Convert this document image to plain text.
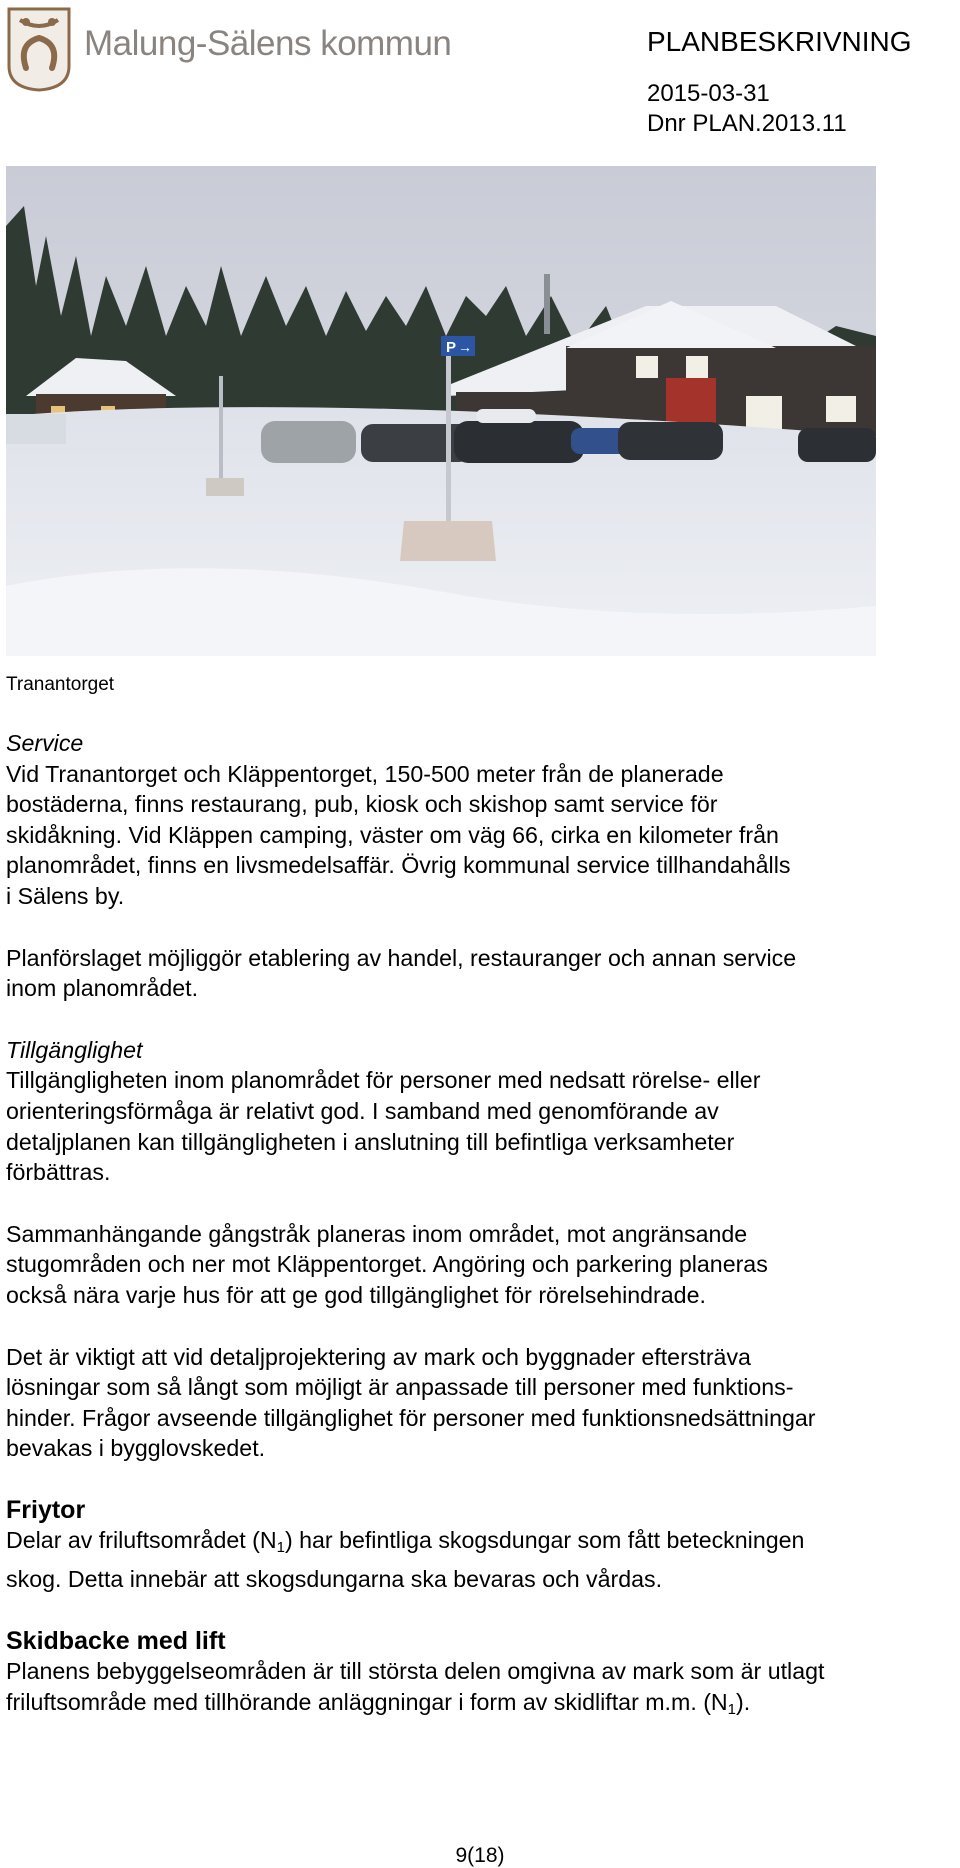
Malung-Sälens kommun	PLANBESKRIVNING
2015-03-31
Dnr PLAN.2013.11
P →
Tranantorget

Service

Vid Tranantorget och Kläppentorget, 150-500 meter från de planerade

bostäderna, finns restaurang, pub, kiosk och skishop samt service för

skidåkning. Vid Kläppen camping, väster om väg 66, cirka en kilometer från

planområdet, finns en livsmedelsaffär. Övrig kommunal service tillhandahålls

i Sälens by.

Planförslaget möjliggör etablering av handel, restauranger och annan service

inom planområdet.

Tillgänglighet

Tillgängligheten inom planområdet för personer med nedsatt rörelse- eller

orienteringsförmåga är relativt god. I samband med genomförande av

detaljplanen kan tillgängligheten i anslutning till befintliga verksamheter

förbättras.

Sammanhängande gångstråk planeras inom området, mot angränsande

stugområden och ner mot Kläppentorget. Angöring och parkering planeras

också nära varje hus för att ge god tillgänglighet för rörelsehindrade.

Det är viktigt att vid detaljprojektering av mark och byggnader eftersträva

lösningar som så långt som möjligt är anpassade till personer med funktions-

hinder. Frågor avseende tillgänglighet för personer med funktionsnedsättningar

bevakas i bygglovskedet.

Friytor

Delar av friluftsområdet $(N_1)$ har befintliga skogsdungar som fått beteckningen

skog. Detta innebär att skogsdungarna ska bevaras och vårdas.

Skidbacke med lift

Planens bebyggelseområden är till största delen omgivna av mark som är utlagt

friluftsområde med tillhörande anläggningar i form av skidliftar m.m. $(N_1)$.

9(18)
